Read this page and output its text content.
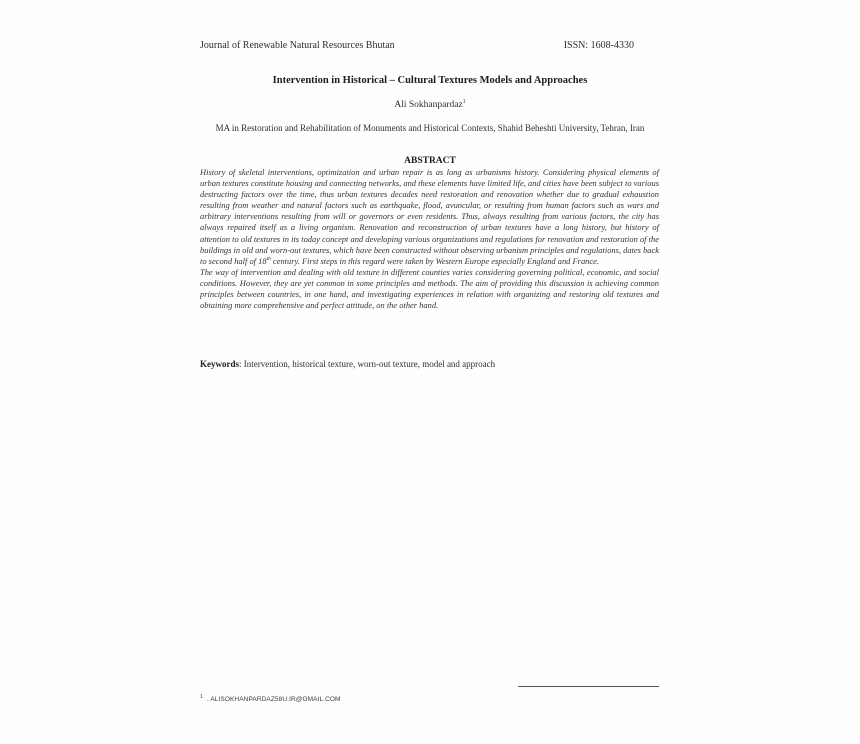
Journal of Renewable Natural Resources Bhutan	ISSN: 1608-4330
Intervention in Historical – Cultural Textures Models and Approaches
Ali Sokhanpardaz$^1$
MA in Restoration and Rehabilitation of Monuments and Historical Contexts, Shahid Beheshti University, Tehran, Iran
ABSTRACT

History of skeletal interventions, optimization and urban repair is as long as urbanisms history. Considering physical elements of urban textures constitute housing and connecting networks, and these elements have limited life, and cities have been subject to various destructing factors over the time, thus urban textures decades need restoration and renovation whether due to gradual exhaustion resulting from weather and natural factors such as earthquake, flood, avuncular, or resulting from human factors such as wars and arbitrary interventions resulting from will or governors or even residents. Thus, always resulting from various factors, the city has always repaired itself as a living organism. Renovation and reconstruction of urban textures have a long history, but history of attention to old textures in its today concept and developing various organizations and regulations for renovation and restoration of the buildings in old and worn-out textures, which have been constructed without observing urbanism principles and regulations, dates back to second half of 18th century. First steps in this regard were taken by Western Europe especially England and France.

The way of intervention and dealing with old texture in different counties varies considering governing political, economic, and social conditions. However, they are yet common in some principles and methods. The aim of providing this discussion is achieving common principles between countries, in one hand, and investigating experiences in relation with organizing and restoring old textures and obtaining more comprehensive and perfect attitude, on the other hand.

Keywords: Intervention, historical texture, worn-out texture, model and approach
$^1$ . ALISOKHANPARDAZ58U.IR@GMAIL.COM
